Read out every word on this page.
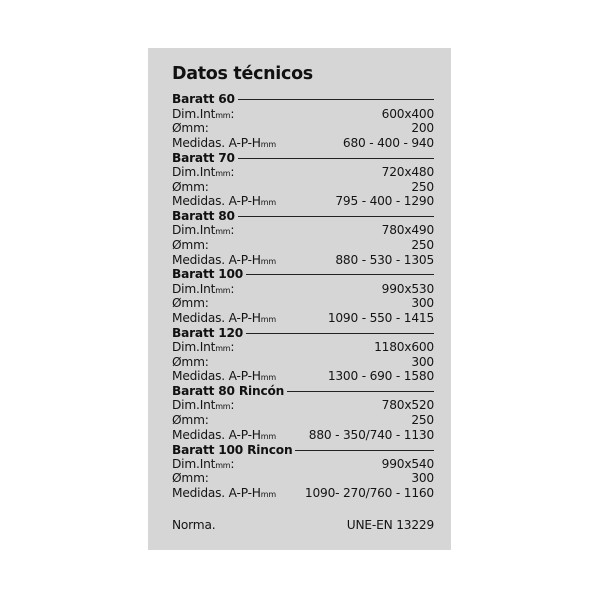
Datos técnicos
Baratt 60
Dim.Intmm:	600x400
Ømm:	200
Medidas. A-P-Hmm	680 - 400 - 940
Baratt 70
Dim.Intmm:	720x480
Ømm:	250
Medidas. A-P-Hmm	795 - 400 - 1290
Baratt 80
Dim.Intmm:	780x490
Ømm:	250
Medidas. A-P-Hmm	880 - 530 - 1305
Baratt 100
Dim.Intmm:	990x530
Ømm:	300
Medidas. A-P-Hmm	1090 - 550 - 1415
Baratt 120
Dim.Intmm:	1180x600
Ømm:	300
Medidas. A-P-Hmm	1300 - 690 - 1580
Baratt 80 Rincón
Dim.Intmm:	780x520
Ømm:	250
Medidas. A-P-Hmm	880 - 350/740 - 1130
Baratt 100 Rincon
Dim.Intmm:	990x540
Ømm:	300
Medidas. A-P-Hmm 1090- 270/760 - 1160
Norma.	UNE-EN 13229
